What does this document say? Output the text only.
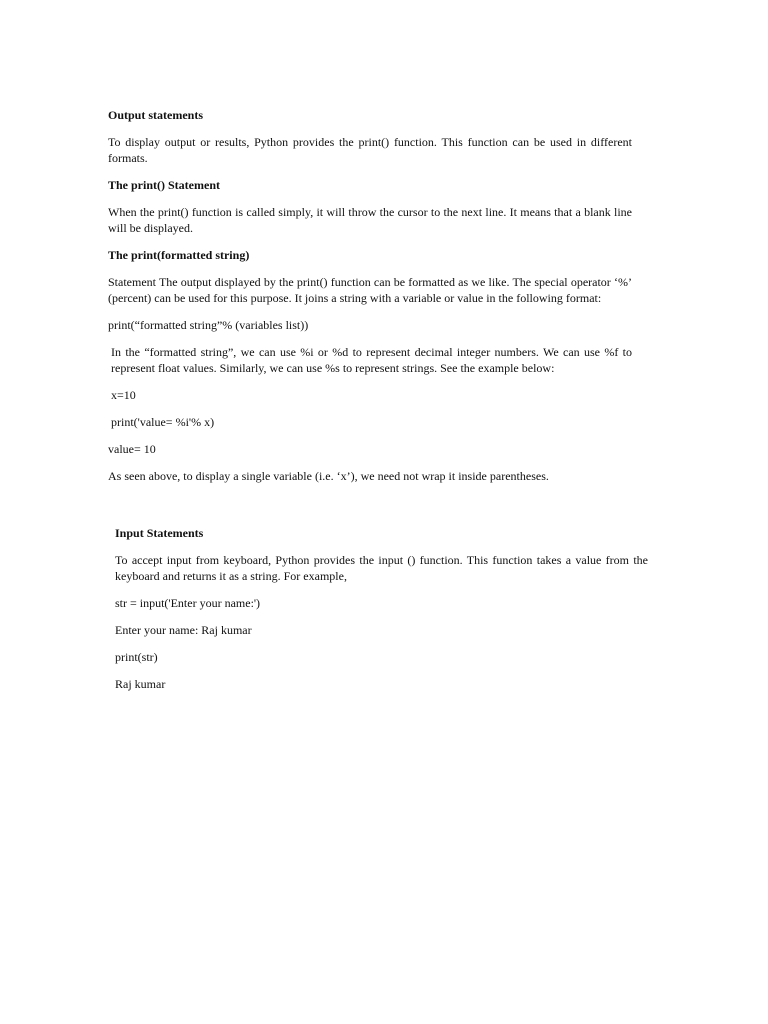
Output statements
To display output or results, Python provides the print() function. This function can be used in different formats.
The print() Statement
When the print() function is called simply, it will throw the cursor to the next line. It means that a blank line will be displayed.
The print(formatted string)
Statement The output displayed by the print() function can be formatted as we like. The special operator ‘%’ (percent) can be used for this purpose. It joins a string with a variable or value in the following format:
print(“formatted string”% (variables list))
In the “formatted string”, we can use %i or %d to represent decimal integer numbers. We can use %f to represent float values. Similarly, we can use %s to represent strings. See the example below:
x=10
print('value= %i'% x)
value= 10
As seen above, to display a single variable (i.e. ‘x’), we need not wrap it inside parentheses.
Input Statements
To accept input from keyboard, Python provides the input () function. This function takes a value from the keyboard and returns it as a string. For example,
str = input('Enter your name:')
Enter your name: Raj kumar
print(str)
Raj kumar
